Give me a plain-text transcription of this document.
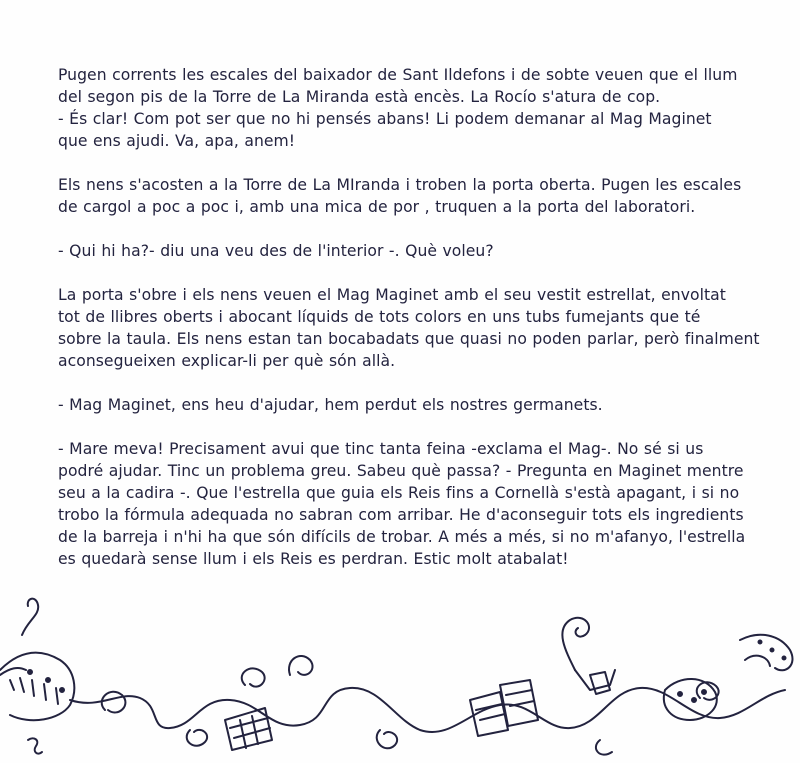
Pugen corrents les escales del baixador de Sant Ildefons i de sobte veuen que el llum
del segon pis de la Torre de La Miranda està encès. La Rocío s'atura de cop.
- És clar! Com pot ser que no hi pensés abans! Li podem demanar al Mag Maginet
que ens ajudi. Va, apa, anem!

Els nens s'acosten a la Torre de La MIranda i troben la porta oberta. Pugen les escales
de cargol a poc a poc i, amb una mica de por , truquen a la porta del laboratori.

- Qui hi ha?- diu una veu des de l'interior -. Què voleu?

La porta s'obre i els nens veuen el Mag Maginet amb el seu vestit estrellat, envoltat
tot de llibres oberts i abocant líquids de tots colors en uns tubs fumejants que té
sobre la taula. Els nens estan tan bocabadats que quasi no poden parlar, però finalment
aconsegueixen explicar-li per què són allà.

- Mag Maginet, ens heu d'ajudar, hem perdut els nostres germanets.

- Mare meva! Precisament avui que tinc tanta feina -exclama el Mag-. No sé si us
podré ajudar. Tinc un problema greu. Sabeu què passa? - Pregunta en Maginet mentre
seu a la cadira -. Que l'estrella que guia els Reis fins a Cornellà s'està apagant, i si no
trobo la fórmula adequada no sabran com arribar. He d'aconseguir tots els ingredients
de la barreja i n'hi ha que són difícils de trobar. A més a més, si no m'afanyo, l'estrella
es quedarà sense llum i els Reis es perdran. Estic molt atabalat!
